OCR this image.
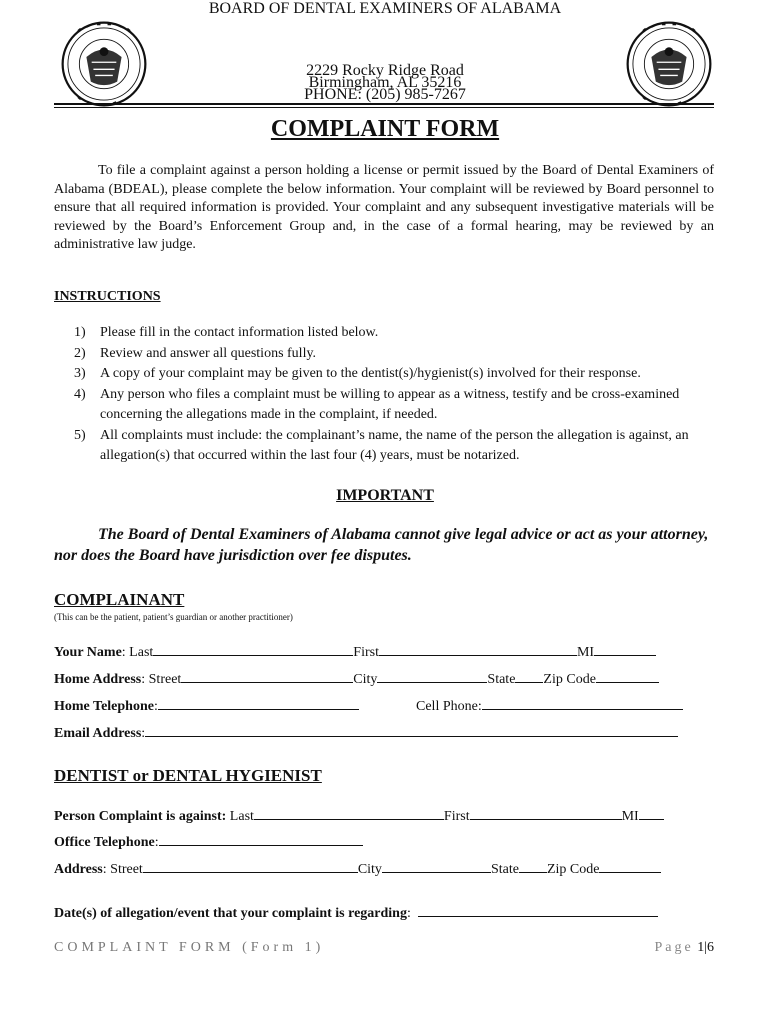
BOARD OF DENTAL EXAMINERS OF ALABAMA
2229 Rocky Ridge Road
Birmingham, AL 35216
PHONE: (205) 985-7267
COMPLAINT FORM

To file a complaint against a person holding a license or permit issued by the Board of Dental Examiners of Alabama (BDEAL), please complete the below information. Your complaint will be reviewed by Board personnel to ensure that all required information is provided. Your complaint and any subsequent investigative materials will be reviewed by the Board’s Enforcement Group and, in the case of a formal hearing, may be reviewed by an administrative law judge.

INSTRUCTIONS
1) Please fill in the contact information listed below.
2) Review and answer all questions fully.
3) A copy of your complaint may be given to the dentist(s)/hygienist(s) involved for their response.
4) Any person who files a complaint must be willing to appear as a witness, testify and be cross-examined concerning the allegations made in the complaint, if needed.
5) All complaints must include: the complainant’s name, the name of the person the allegation is against, an allegation(s) that occurred within the last four (4) years, must be notarized.
IMPORTANT

The Board of Dental Examiners of Alabama cannot give legal advice or act as your attorney, nor does the Board have jurisdiction over fee disputes.

COMPLAINANT
(This can be the patient, patient’s guardian or another practitioner)
Your Name: Last	First	MI
Home Address: Street	City	State Zip Code
Home Telephone:	Cell Phone:
Email Address:
DENTIST or DENTAL HYGIENIST
Person Complaint is against: Last	First	MI
Office Telephone:
Address: Street	City	State Zip Code
Date(s) of allegation/event that your complaint is regarding:
COMPLAINT FORM (Form 1)	Page 1|6
